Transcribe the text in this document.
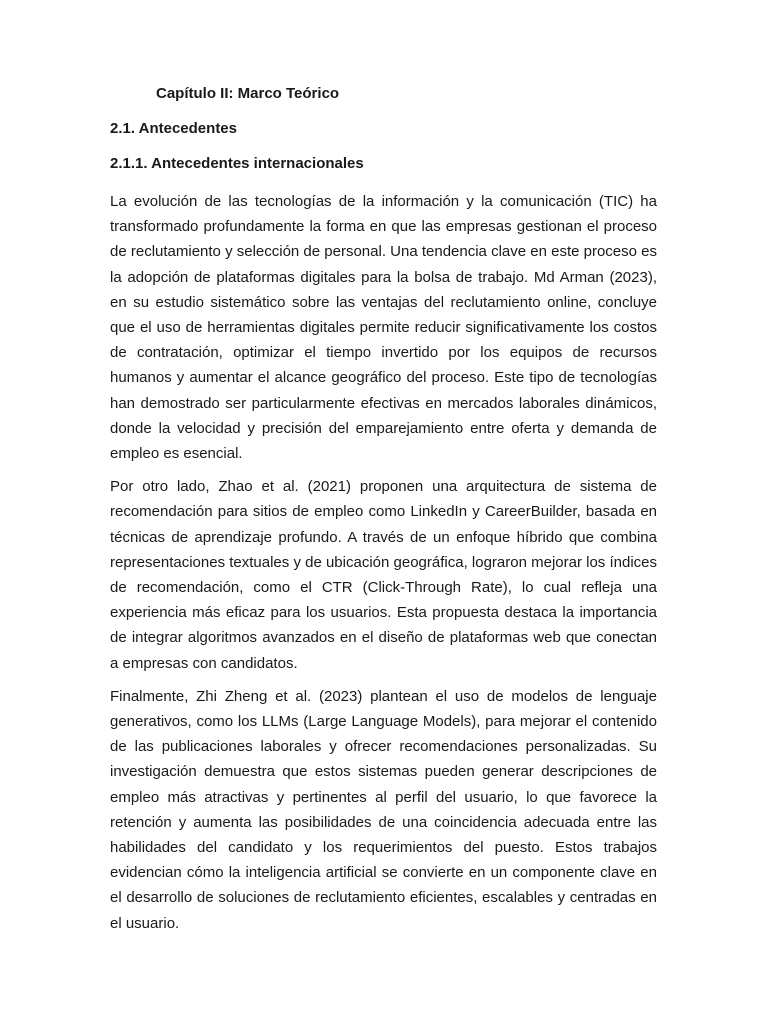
Capítulo II: Marco Teórico
2.1. Antecedentes
2.1.1. Antecedentes internacionales

La evolución de las tecnologías de la información y la comunicación (TIC) ha transformado profundamente la forma en que las empresas gestionan el proceso de reclutamiento y selección de personal. Una tendencia clave en este proceso es la adopción de plataformas digitales para la bolsa de trabajo. Md Arman (2023), en su estudio sistemático sobre las ventajas del reclutamiento online, concluye que el uso de herramientas digitales permite reducir significativamente los costos de contratación, optimizar el tiempo invertido por los equipos de recursos humanos y aumentar el alcance geográfico del proceso. Este tipo de tecnologías han demostrado ser particularmente efectivas en mercados laborales dinámicos, donde la velocidad y precisión del emparejamiento entre oferta y demanda de empleo es esencial.

Por otro lado, Zhao et al. (2021) proponen una arquitectura de sistema de recomendación para sitios de empleo como LinkedIn y CareerBuilder, basada en técnicas de aprendizaje profundo. A través de un enfoque híbrido que combina representaciones textuales y de ubicación geográfica, lograron mejorar los índices de recomendación, como el CTR (Click-Through Rate), lo cual refleja una experiencia más eficaz para los usuarios. Esta propuesta destaca la importancia de integrar algoritmos avanzados en el diseño de plataformas web que conectan a empresas con candidatos.

Finalmente, Zhi Zheng et al. (2023) plantean el uso de modelos de lenguaje generativos, como los LLMs (Large Language Models), para mejorar el contenido de las publicaciones laborales y ofrecer recomendaciones personalizadas. Su investigación demuestra que estos sistemas pueden generar descripciones de empleo más atractivas y pertinentes al perfil del usuario, lo que favorece la retención y aumenta las posibilidades de una coincidencia adecuada entre las habilidades del candidato y los requerimientos del puesto. Estos trabajos evidencian cómo la inteligencia artificial se convierte en un componente clave en el desarrollo de soluciones de reclutamiento eficientes, escalables y centradas en el usuario.
